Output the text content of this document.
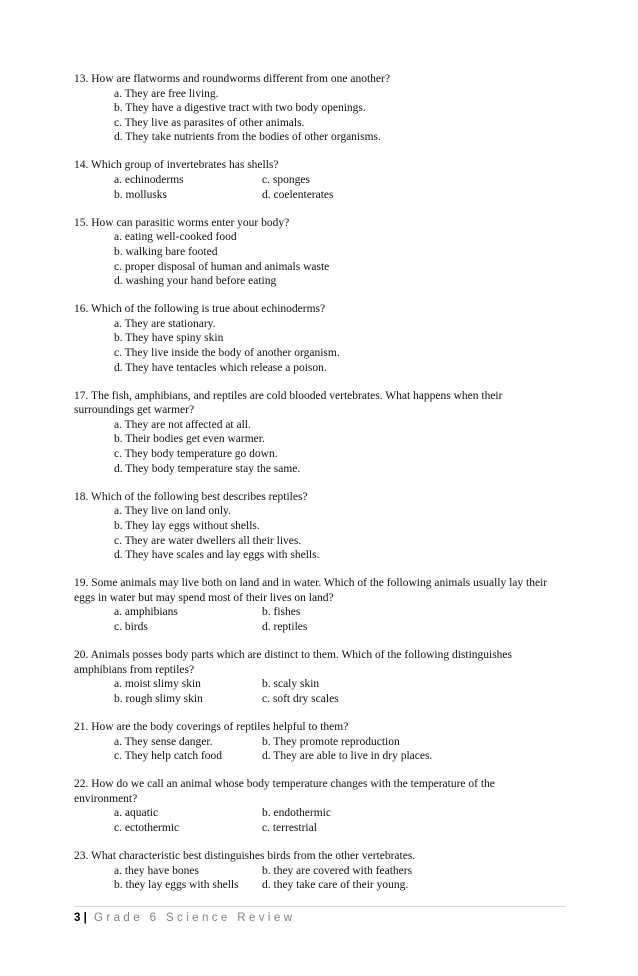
13. How are flatworms and roundworms different from one another?
a. They are free living.
b. They have a digestive tract with two body openings.
c. They live as parasites of other animals.
d. They take nutrients from the bodies of other organisms.
14. Which group of invertebrates has shells?
a. echinoderms	c. sponges
b. mollusks	d. coelenterates
15. How can parasitic worms enter your body?
a. eating well-cooked food
b. walking bare footed
c. proper disposal of human and animals waste
d. washing your hand before eating
16. Which of the following is true about echinoderms?
a. They are stationary.
b. They have spiny skin
c. They live inside the body of another organism.
d. They have tentacles which release a poison.
17. The fish, amphibians, and reptiles are cold blooded vertebrates. What happens when their surroundings get warmer?
a. They are not affected at all.
b. Their bodies get even warmer.
c. They body temperature go down.
d. They body temperature stay the same.
18. Which of the following best describes reptiles?
a. They live on land only.
b. They lay eggs without shells.
c. They are water dwellers all their lives.
d. They have scales and lay eggs with shells.
19. Some animals may live both on land and in water. Which of the following animals usually lay their eggs in water but may spend most of their lives on land?
a. amphibians	b. fishes
c. birds	d. reptiles
20. Animals posses body parts which are distinct to them. Which of the following distinguishes amphibians from reptiles?
a. moist slimy skin	b. scaly skin
b. rough slimy skin	c. soft dry scales
21. How are the body coverings of reptiles helpful to them?
a. They sense danger.	b. They promote reproduction
c. They help catch food	d. They are able to live in dry places.
22. How do we call an animal whose body temperature changes with the temperature of the environment?
a. aquatic	b. endothermic
c. ectothermic	c. terrestrial
23. What characteristic best distinguishes birds from the other vertebrates.
a. they have bones	b. they are covered with feathers
b. they lay eggs with shells	d. they take care of their young.
3 | Grade 6 Science Review
